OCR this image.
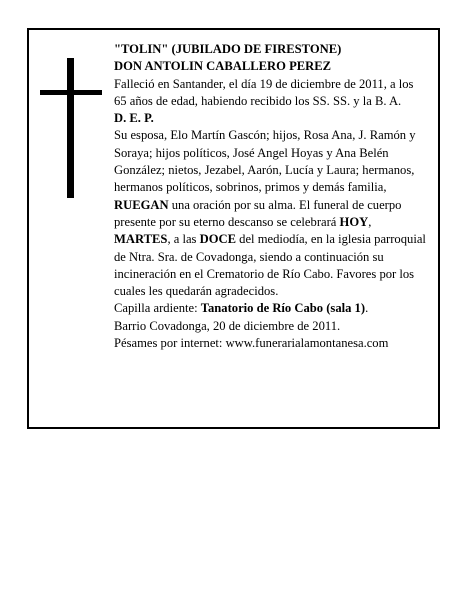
"TOLIN" (JUBILADO DE FIRESTONE)

DON ANTOLIN CABALLERO PEREZ

Falleció en Santander, el día 19 de diciembre de 2011, a los 65 años de edad, habiendo recibido los SS. SS. y la B. A.

D. E. P.

Su esposa, Elo Martín Gascón; hijos, Rosa Ana, J. Ramón y Soraya; hijos políticos, José Angel Hoyas y Ana Belén González; nietos, Jezabel, Aarón, Lucía y Laura; hermanos, hermanos políticos, sobrinos, primos y demás familia,

RUEGAN una oración por su alma. El funeral de cuerpo presente por su eterno descanso se celebrará HOY, MARTES, a las DOCE del mediodía, en la iglesia parroquial de Ntra. Sra. de Covadonga, siendo a continuación su incineración en el Crematorio de Río Cabo. Favores por los cuales les quedarán agradecidos.

Capilla ardiente: Tanatorio de Río Cabo (sala 1).

Barrio Covadonga, 20 de diciembre de 2011.

Pésames por internet: www.funerarialamontanesa.com
